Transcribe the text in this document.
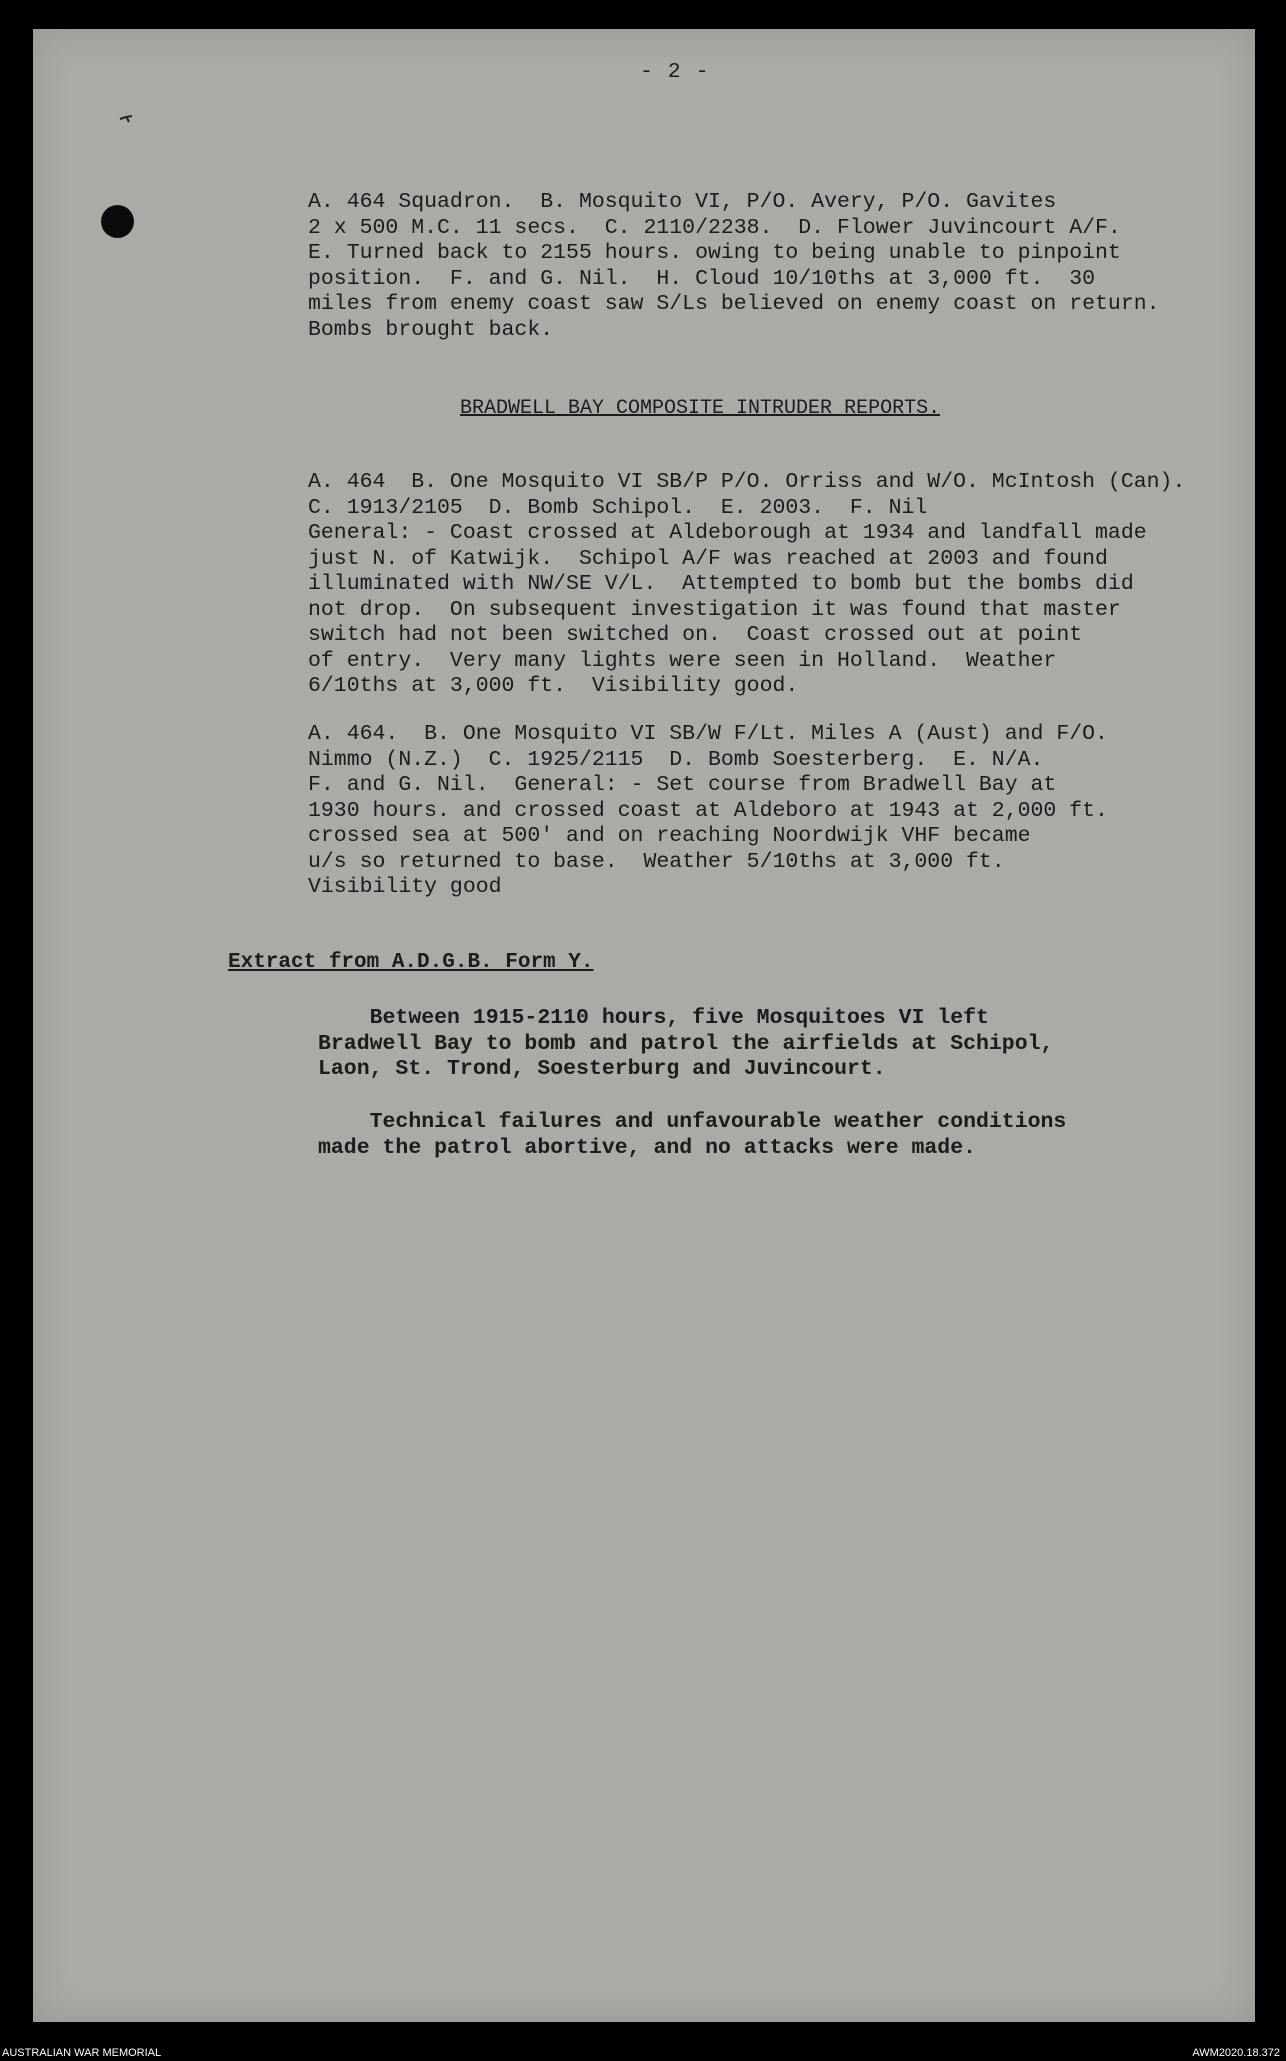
- 2 -
A. 464 Squadron.  B. Mosquito VI, P/O. Avery, P/O. Gavites
2 x 500 M.C. 11 secs.  C. 2110/2238.  D. Flower Juvincourt A/F.
E. Turned back to 2155 hours. owing to being unable to pinpoint
position.  F. and G. Nil.  H. Cloud 10/10ths at 3,000 ft.  30
miles from enemy coast saw S/Ls believed on enemy coast on return.
Bombs brought back.
BRADWELL BAY COMPOSITE INTRUDER REPORTS.
A. 464  B. One Mosquito VI SB/P P/O. Orriss and W/O. McIntosh (Can).
C. 1913/2105  D. Bomb Schipol.  E. 2003.  F. Nil
General: - Coast crossed at Aldeborough at 1934 and landfall made
just N. of Katwijk.  Schipol A/F was reached at 2003 and found
illuminated with NW/SE V/L.  Attempted to bomb but the bombs did
not drop.  On subsequent investigation it was found that master
switch had not been switched on.  Coast crossed out at point
of entry.  Very many lights were seen in Holland.  Weather
6/10ths at 3,000 ft.  Visibility good.
A. 464.  B. One Mosquito VI SB/W F/Lt. Miles A (Aust) and F/O.
Nimmo (N.Z.)  C. 1925/2115  D. Bomb Soesterberg.  E. N/A.
F. and G. Nil.  General: - Set course from Bradwell Bay at
1930 hours. and crossed coast at Aldeboro at 1943 at 2,000 ft.
crossed sea at 500' and on reaching Noordwijk VHF became
u/s so returned to base.  Weather 5/10ths at 3,000 ft.
Visibility good
Extract from A.D.G.B. Form Y.
Between 1915-2110 hours, five Mosquitoes VI left
Bradwell Bay to bomb and patrol the airfields at Schipol,
Laon, St. Trond, Soesterburg and Juvincourt.
Technical failures and unfavourable weather conditions
made the patrol abortive, and no attacks were made.
AUSTRALIAN WAR MEMORIAL	AWM2020.18.372
